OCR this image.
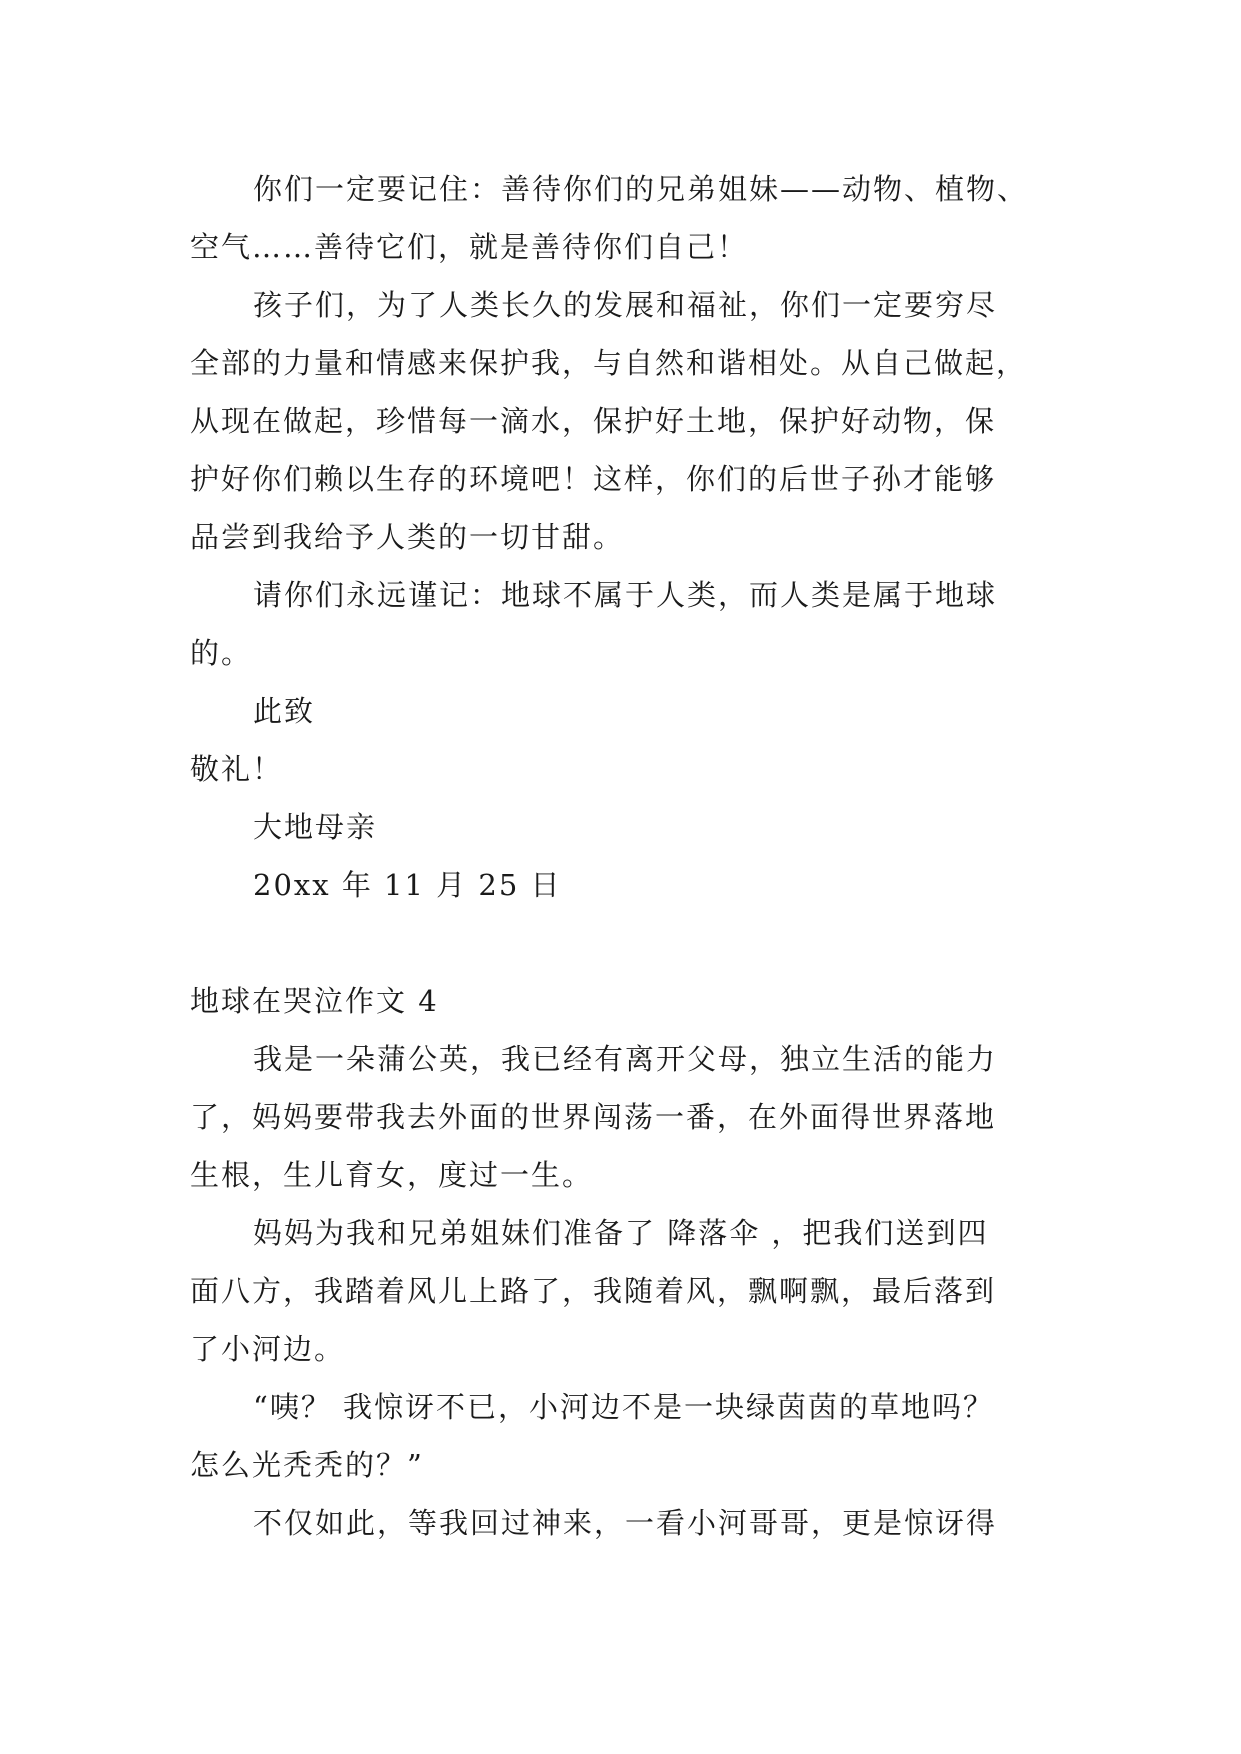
你们一定要记住：善待你们的兄弟姐妹——动物、植物、
空气……善待它们，就是善待你们自己！
孩子们，为了人类长久的发展和福祉，你们一定要穷尽
全部的力量和情感来保护我，与自然和谐相处。从自己做起，
从现在做起，珍惜每一滴水，保护好土地，保护好动物，保
护好你们赖以生存的环境吧！这样，你们的后世子孙才能够
品尝到我给予人类的一切甘甜。
请你们永远谨记：地球不属于人类，而人类是属于地球
的。
此致
敬礼！
大地母亲
20xx 年 11 月 25 日
地球在哭泣作文 4
我是一朵蒲公英，我已经有离开父母，独立生活的能力
了，妈妈要带我去外面的世界闯荡一番，在外面得世界落地
生根，生儿育女，度过一生。
妈妈为我和兄弟姐妹们准备了 降落伞 ，把我们送到四
面八方，我踏着风儿上路了，我随着风，飘啊飘，最后落到
了小河边。
“咦？ 我惊讶不已，小河边不是一块绿茵茵的草地吗？
怎么光秃秃的？”
不仅如此，等我回过神来，一看小河哥哥，更是惊讶得
